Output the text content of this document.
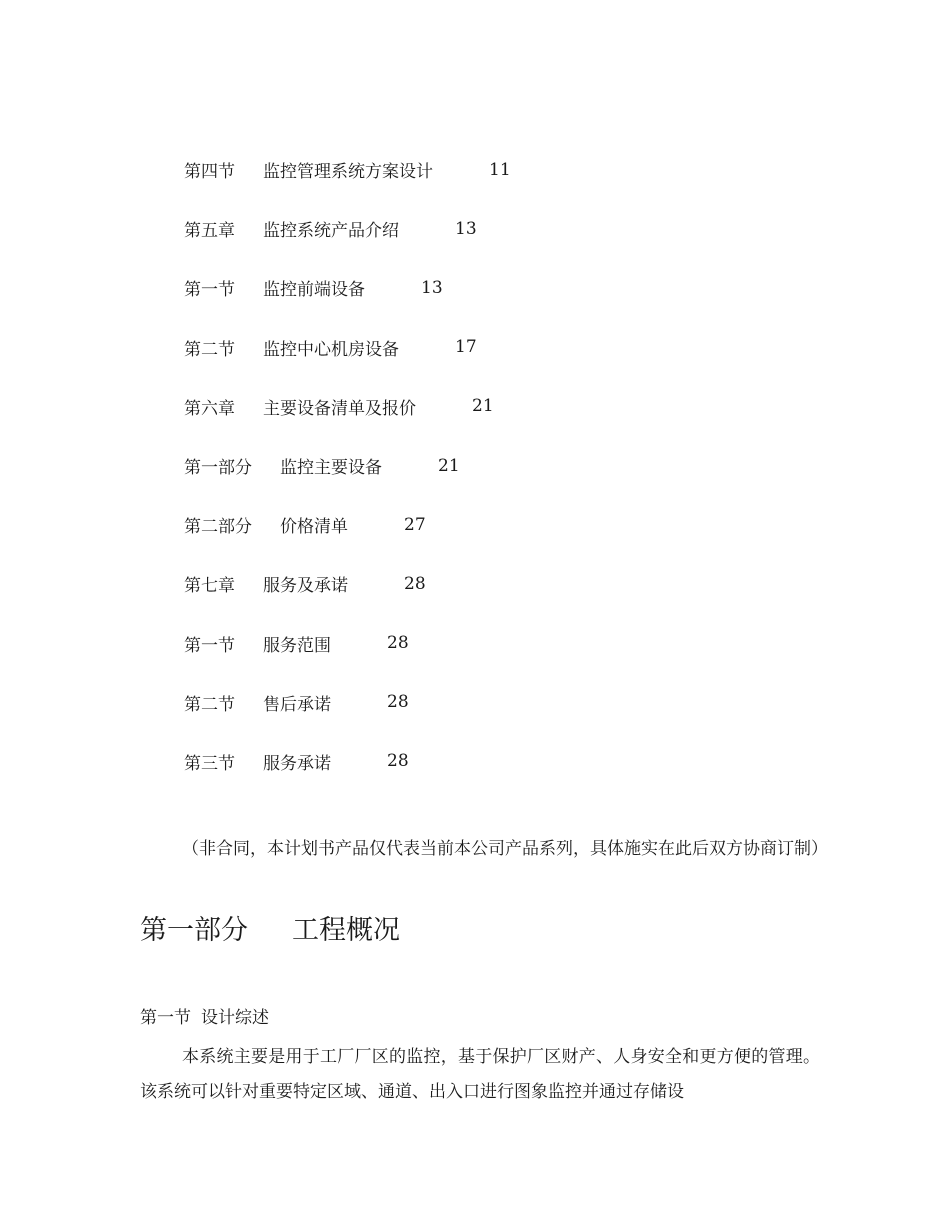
第四节 监控管理系统方案设计	11
第五章 监控系统产品介绍	13
第一节 监控前端设备	13
第二节 监控中心机房设备	17
第六章 主要设备清单及报价	21
第一部分 监控主要设备	21
第二部分 价格清单	27
第七章 服务及承诺	28
第一节 服务范围	28
第二节 售后承诺	28
第三节 服务承诺	28

（非合同，本计划书产品仅代表当前本公司产品系列，具体施实在此后双方协商订制）

第一部分 工程概况
第一节 设计综述

本系统主要是用于工厂厂区的监控，基于保护厂区财产、人身安全和更方便的管理。该系统可以针对重要特定区域、通道、出入口进行图象监控并通过存储设
